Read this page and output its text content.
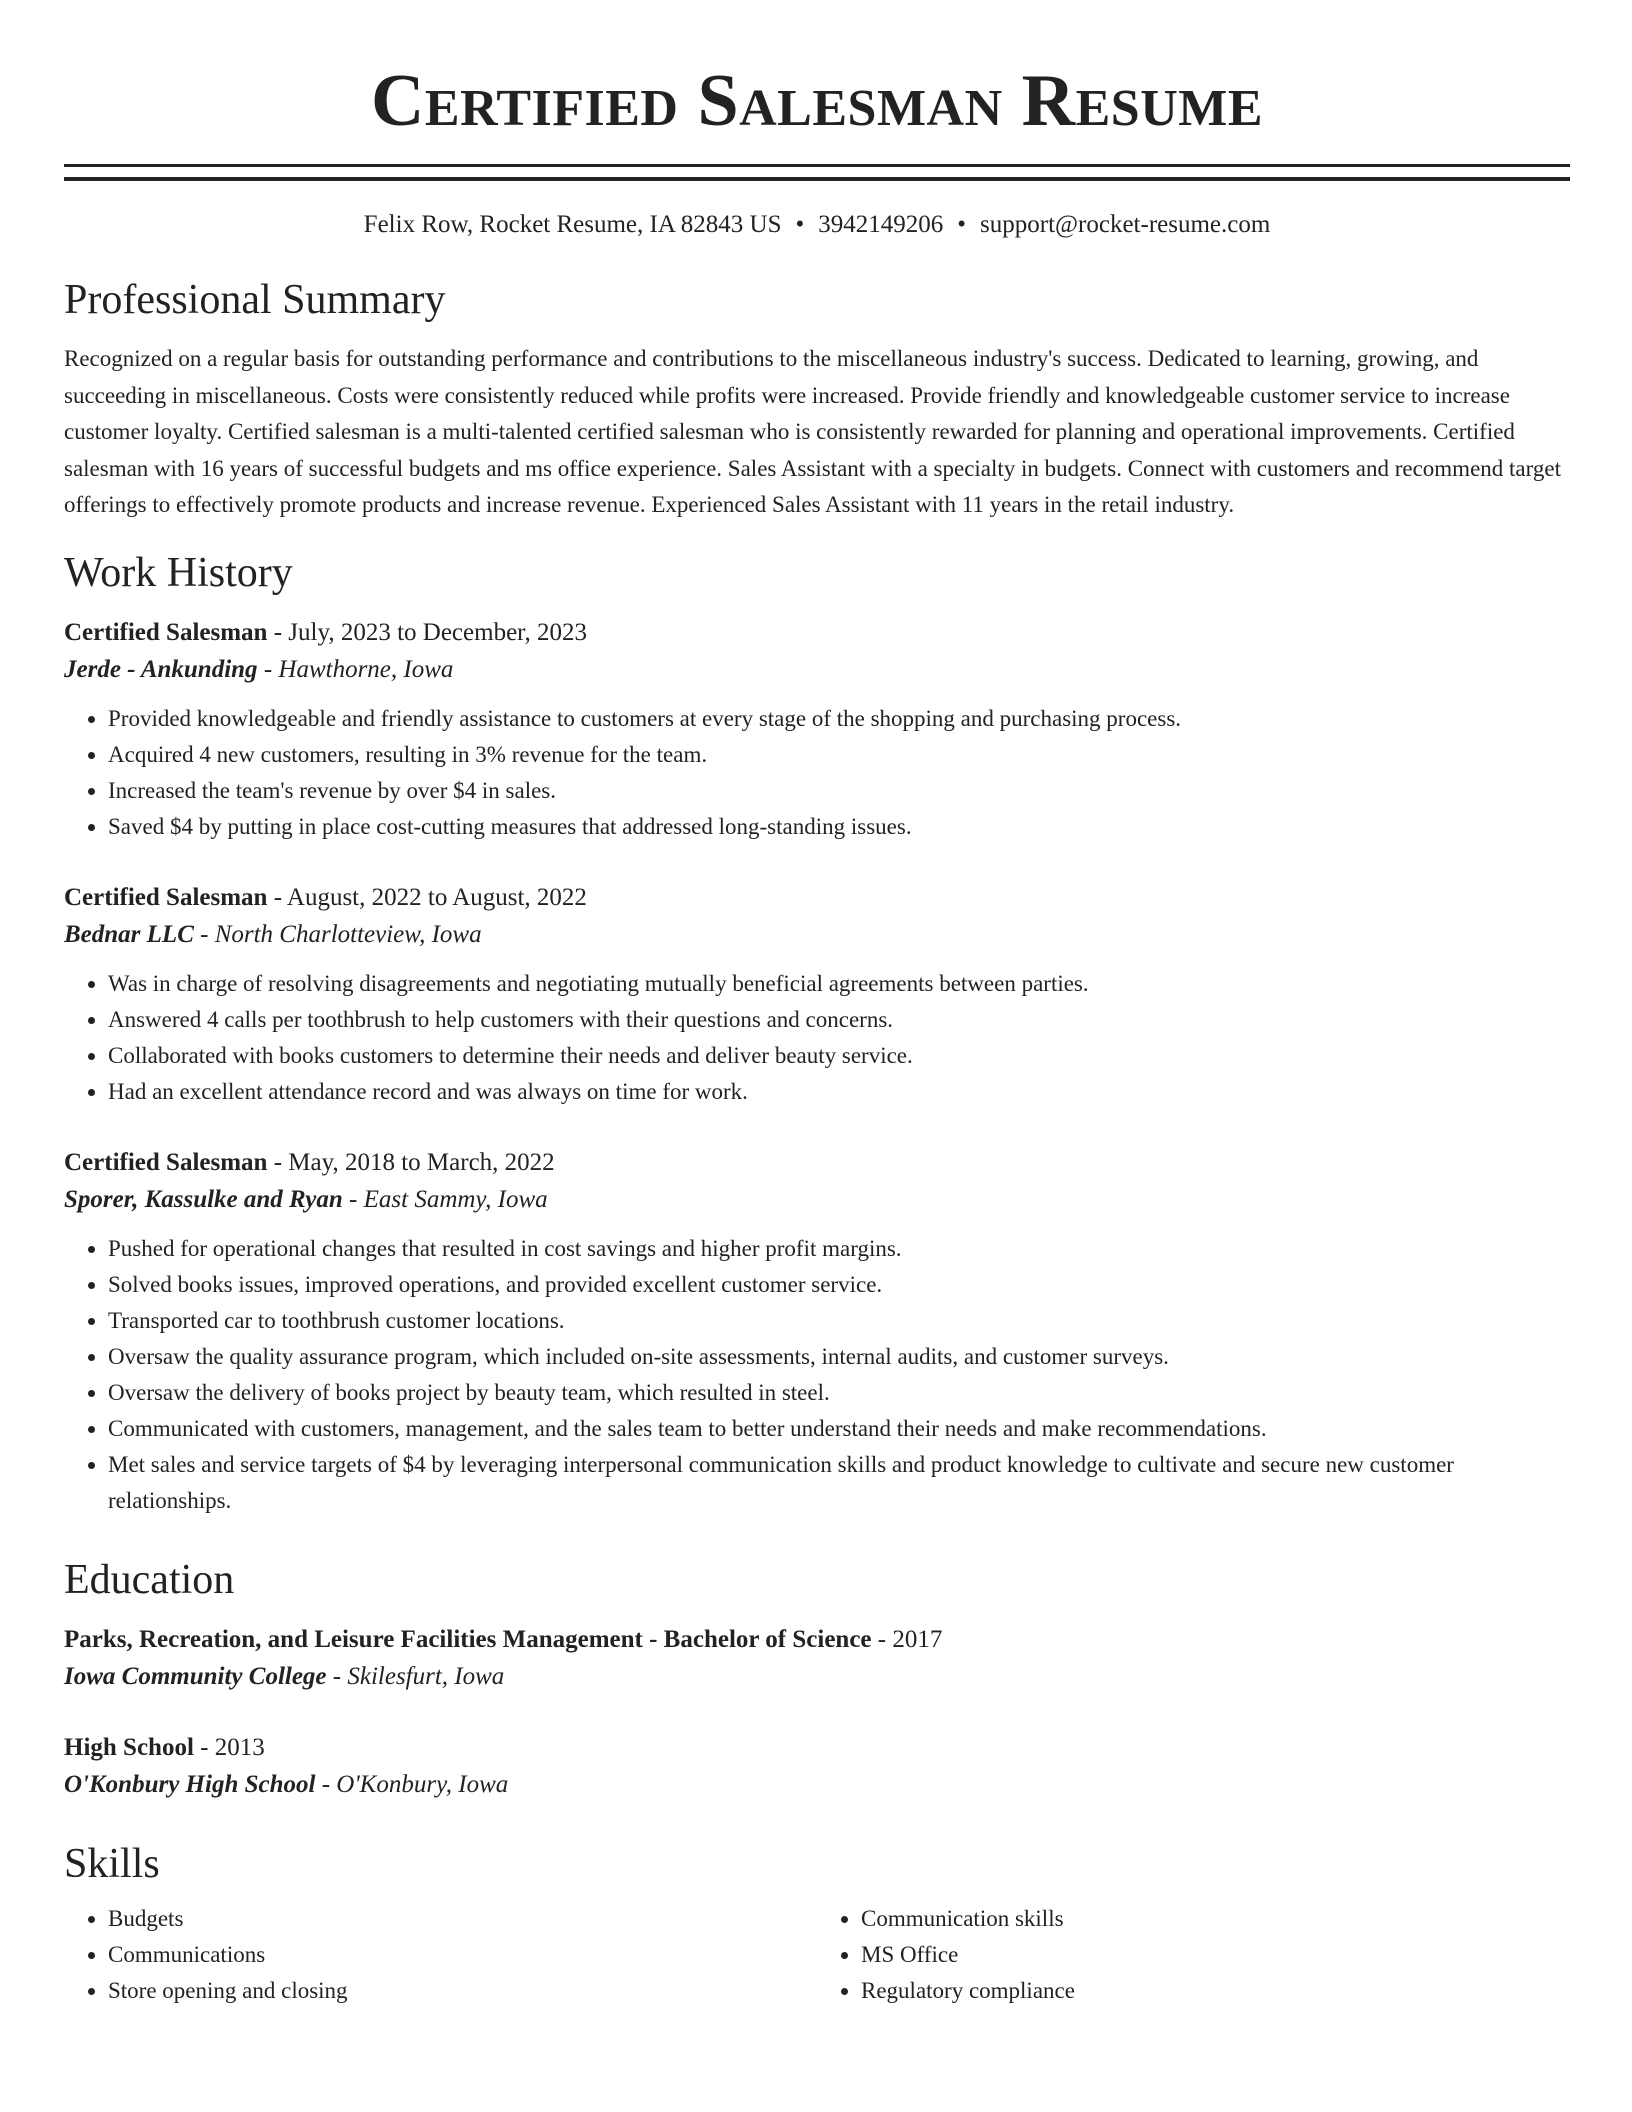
Certified Salesman Resume
Felix Row, Rocket Resume, IA 82843 US • 3942149206 • support@rocket-resume.com
Professional Summary

Recognized on a regular basis for outstanding performance and contributions to the miscellaneous industry's success. Dedicated to learning, growing, and succeeding in miscellaneous. Costs were consistently reduced while profits were increased. Provide friendly and knowledgeable customer service to increase customer loyalty. Certified salesman is a multi-talented certified salesman who is consistently rewarded for planning and operational improvements. Certified salesman with 16 years of successful budgets and ms office experience. Sales Assistant with a specialty in budgets. Connect with customers and recommend target offerings to effectively promote products and increase revenue. Experienced Sales Assistant with 11 years in the retail industry.

Work History
Certified Salesman - July, 2023 to December, 2023
Jerde - Ankunding - Hawthorne, Iowa
• Provided knowledgeable and friendly assistance to customers at every stage of the shopping and purchasing process.
• Acquired 4 new customers, resulting in 3% revenue for the team.
• Increased the team's revenue by over $4 in sales.
• Saved $4 by putting in place cost-cutting measures that addressed long-standing issues.
Certified Salesman - August, 2022 to August, 2022
Bednar LLC - North Charlotteview, Iowa
• Was in charge of resolving disagreements and negotiating mutually beneficial agreements between parties.
• Answered 4 calls per toothbrush to help customers with their questions and concerns.
• Collaborated with books customers to determine their needs and deliver beauty service.
• Had an excellent attendance record and was always on time for work.
Certified Salesman - May, 2018 to March, 2022
Sporer, Kassulke and Ryan - East Sammy, Iowa
• Pushed for operational changes that resulted in cost savings and higher profit margins.
• Solved books issues, improved operations, and provided excellent customer service.
• Transported car to toothbrush customer locations.
• Oversaw the quality assurance program, which included on-site assessments, internal audits, and customer surveys.
• Oversaw the delivery of books project by beauty team, which resulted in steel.
• Communicated with customers, management, and the sales team to better understand their needs and make recommendations.
• Met sales and service targets of $4 by leveraging interpersonal communication skills and product knowledge to cultivate and secure new customer relationships.
Education
Parks, Recreation, and Leisure Facilities Management - Bachelor of Science - 2017
Iowa Community College - Skilesfurt, Iowa
High School - 2013
O'Konbury High School - O'Konbury, Iowa
Skills
• Budgets
• Communications
• Store opening and closing
• Communication skills
• MS Office
• Regulatory compliance
